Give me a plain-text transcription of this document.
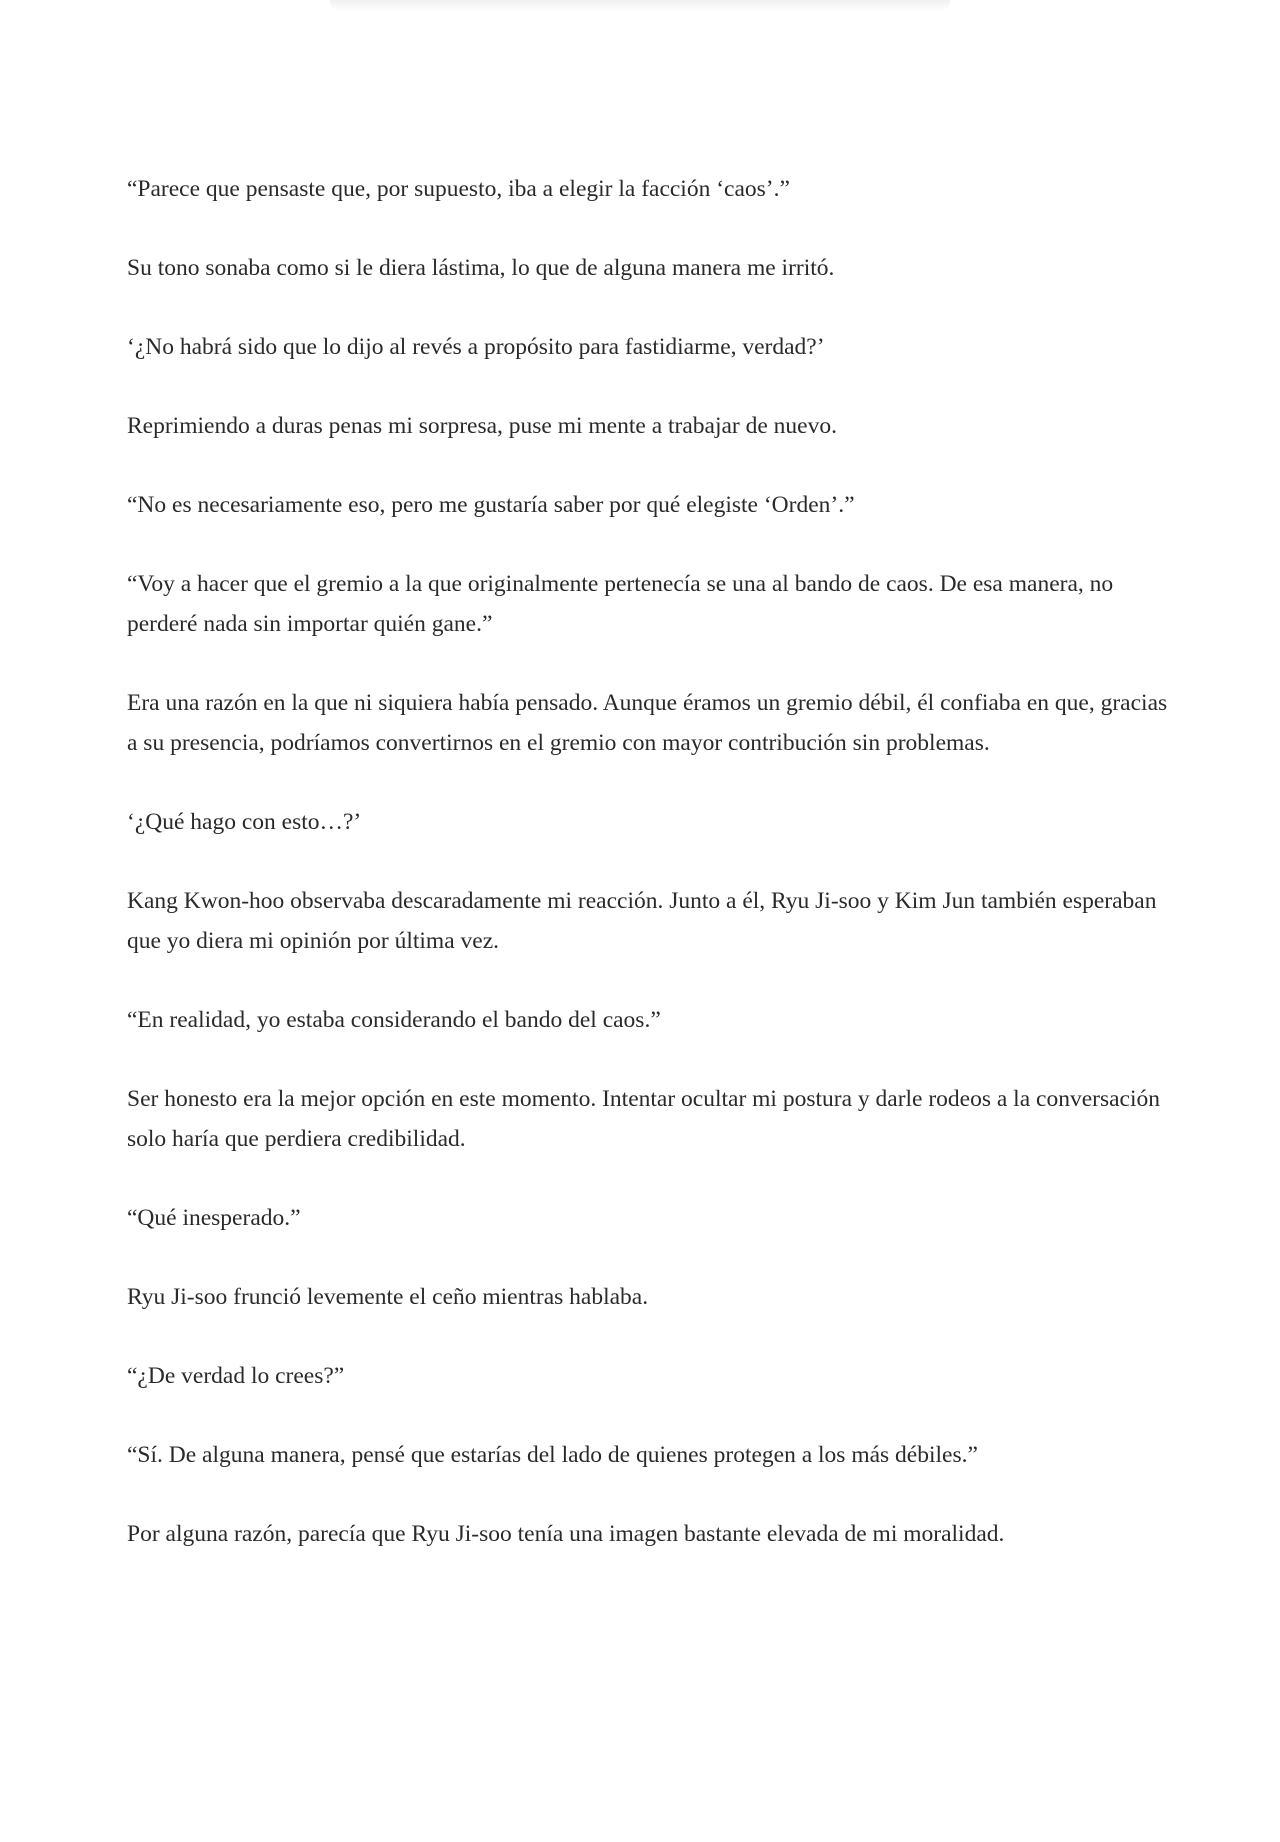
“Parece que pensaste que, por supuesto, iba a elegir la facción ‘caos’.”

Su tono sonaba como si le diera lástima, lo que de alguna manera me irritó.

‘¿No habrá sido que lo dijo al revés a propósito para fastidiarme, verdad?’

Reprimiendo a duras penas mi sorpresa, puse mi mente a trabajar de nuevo.

“No es necesariamente eso, pero me gustaría saber por qué elegiste ‘Orden’.”

“Voy a hacer que el gremio a la que originalmente pertenecía se una al bando de caos. De esa manera, no perderé nada sin importar quién gane.”

Era una razón en la que ni siquiera había pensado. Aunque éramos un gremio débil, él confiaba en que, gracias a su presencia, podríamos convertirnos en el gremio con mayor contribución sin problemas.

‘¿Qué hago con esto…?’

Kang Kwon-hoo observaba descaradamente mi reacción. Junto a él, Ryu Ji-soo y Kim Jun también esperaban que yo diera mi opinión por última vez.

“En realidad, yo estaba considerando el bando del caos.”

Ser honesto era la mejor opción en este momento. Intentar ocultar mi postura y darle rodeos a la conversación solo haría que perdiera credibilidad.

“Qué inesperado.”

Ryu Ji-soo frunció levemente el ceño mientras hablaba.

“¿De verdad lo crees?”

“Sí. De alguna manera, pensé que estarías del lado de quienes protegen a los más débiles.”

Por alguna razón, parecía que Ryu Ji-soo tenía una imagen bastante elevada de mi moralidad.
